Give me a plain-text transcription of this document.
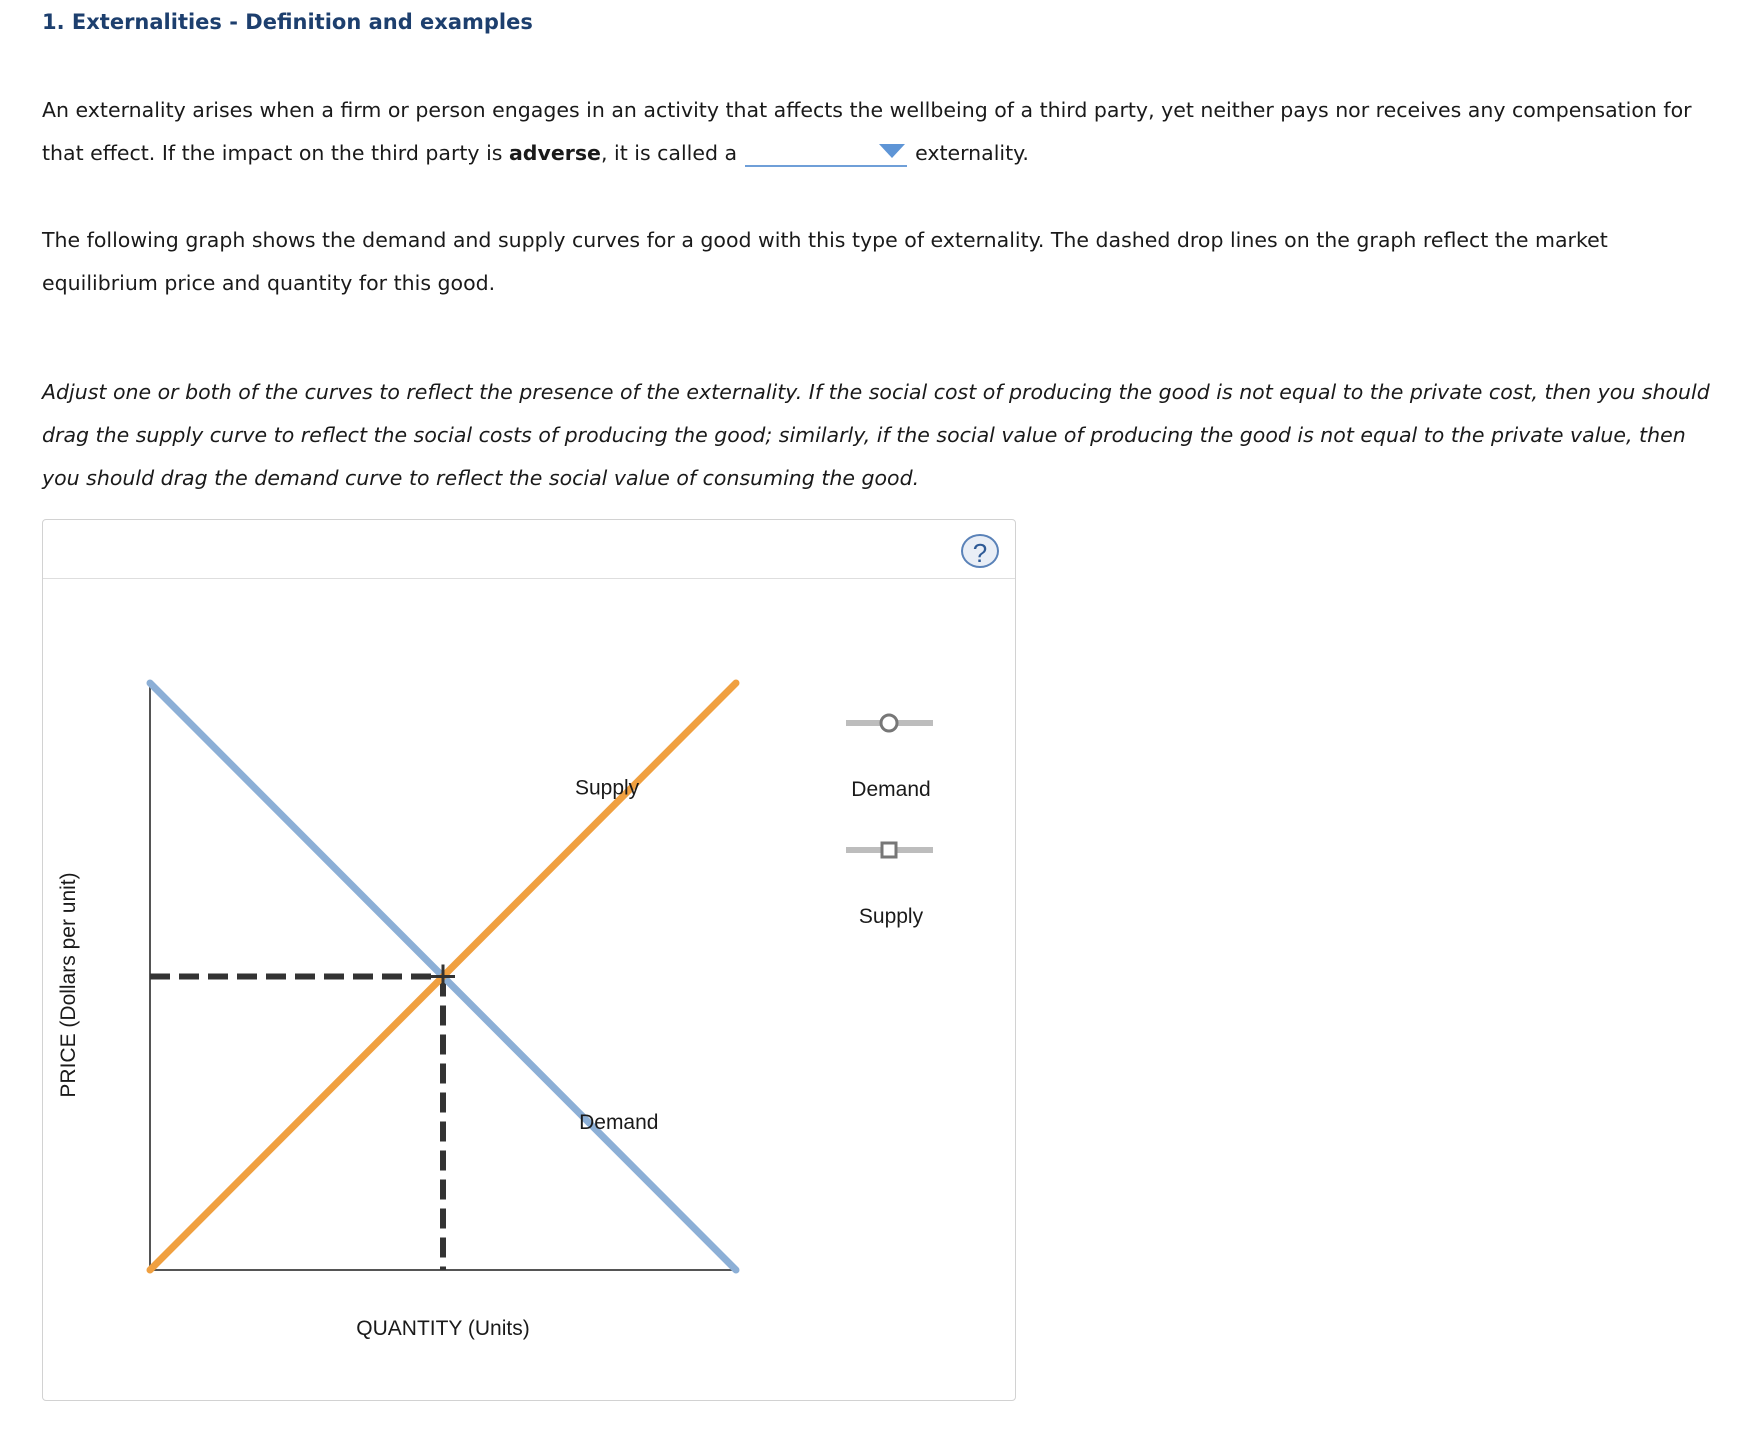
1. Externalities - Definition and examples
An externality arises when a firm or person engages in an activity that affects the wellbeing of a third party, yet neither pays nor receives any compensation for that effect. If the impact on the third party is adverse, it is called a	externality.
The following graph shows the demand and supply curves for a good with this type of externality. The dashed drop lines on the graph reflect the market equilibrium price and quantity for this good.
Adjust one or both of the curves to reflect the presence of the externality. If the social cost of producing the good is not equal to the private cost, then you should drag the supply curve to reflect the social costs of producing the good; similarly, if the social value of producing the good is not equal to the private value, then you should drag the demand curve to reflect the social value of consuming the good.
?
PRICE (Dollars per unit)
QUANTITY (Units)
Demand
Supply	Demand
Supply
